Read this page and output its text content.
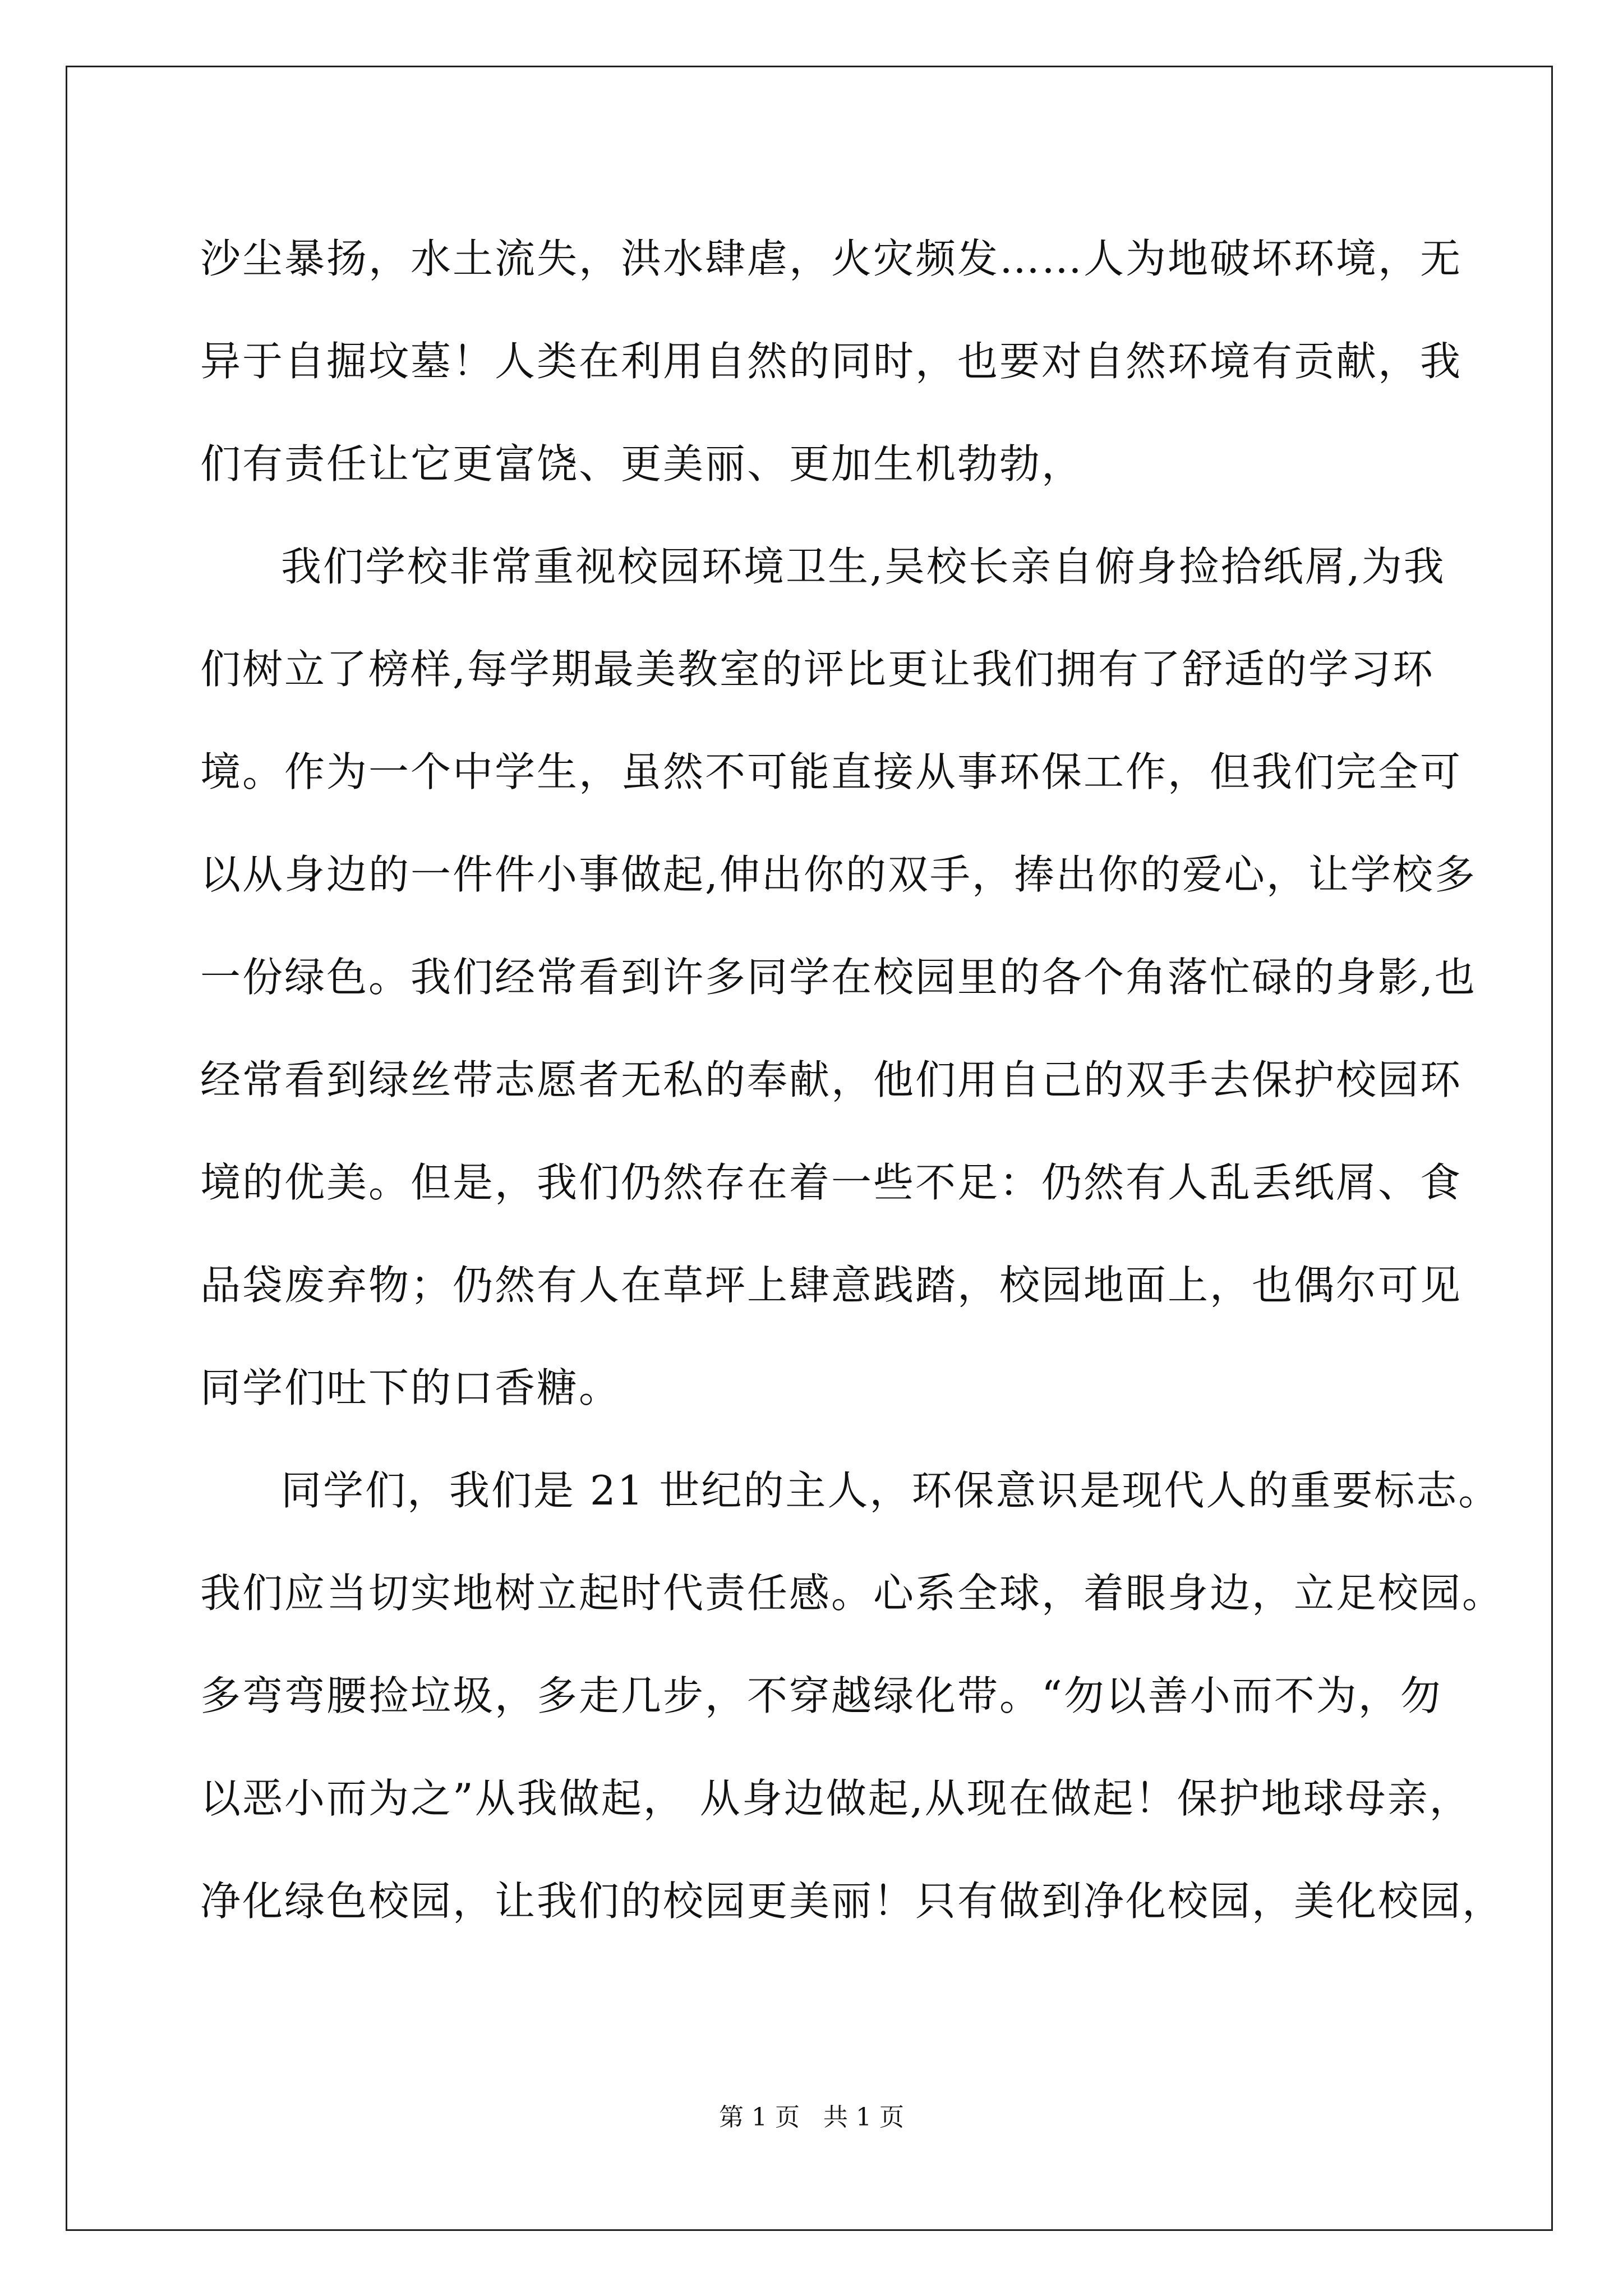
沙尘暴扬，水土流失，洪水肆虐，火灾频发……人为地破坏环境，无
异于自掘坟墓！人类在利用自然的同时，也要对自然环境有贡献，我
们有责任让它更富饶、更美丽、更加生机勃勃，
我们学校非常重视校园环境卫生,吴校长亲自俯身捡拾纸屑,为我
们树立了榜样,每学期最美教室的评比更让我们拥有了舒适的学习环
境。作为一个中学生，虽然不可能直接从事环保工作，但我们完全可
以从身边的一件件小事做起,伸出你的双手，捧出你的爱心，让学校多
一份绿色。我们经常看到许多同学在校园里的各个角落忙碌的身影,也
经常看到绿丝带志愿者无私的奉献，他们用自己的双手去保护校园环
境的优美。但是，我们仍然存在着一些不足：仍然有人乱丢纸屑、食
品袋废弃物；仍然有人在草坪上肆意践踏，校园地面上，也偶尔可见
同学们吐下的口香糖。
同学们，我们是 21 世纪的主人，环保意识是现代人的重要标志。
我们应当切实地树立起时代责任感。心系全球，着眼身边，立足校园。
多弯弯腰捡垃圾，多走几步，不穿越绿化带。“勿以善小而不为，勿
以恶小而为之”从我做起， 从身边做起,从现在做起！保护地球母亲，
净化绿色校园，让我们的校园更美丽！只有做到净化校园，美化校园，
第 1 页   共 1 页
